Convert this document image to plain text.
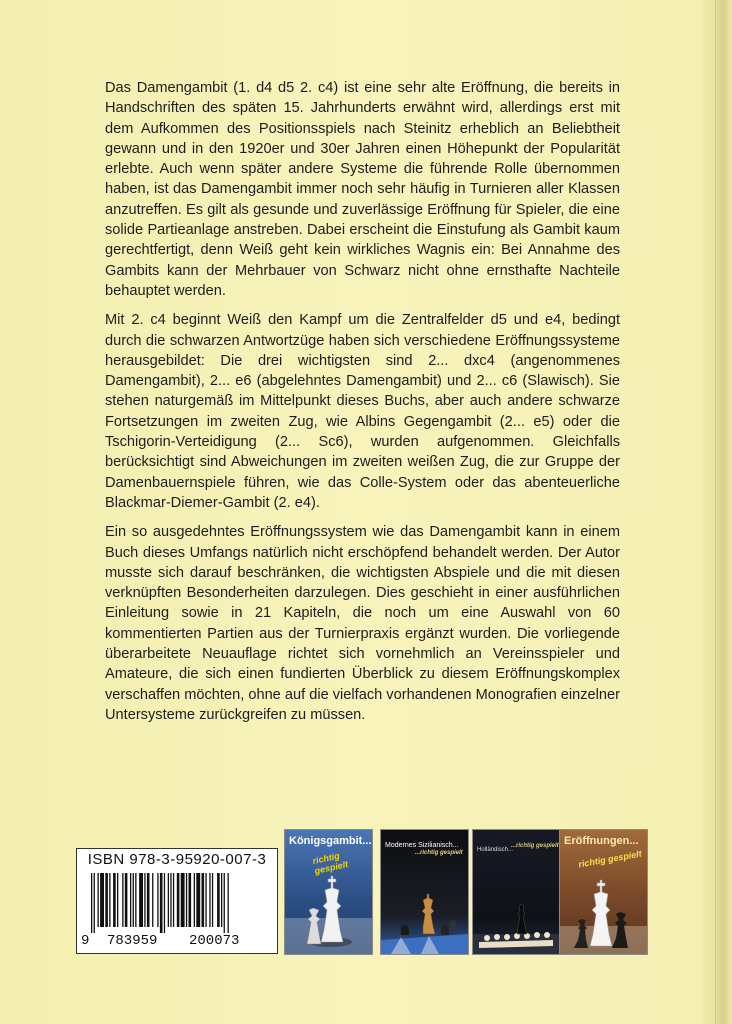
Das Damengambit (1. d4 d5 2. c4) ist eine sehr alte Eröffnung, die bereits in Handschriften des späten 15. Jahrhunderts erwähnt wird, allerdings erst mit dem Aufkommen des Positionsspiels nach Steinitz erheblich an Beliebtheit gewann und in den 1920er und 30er Jahren einen Höhepunkt der Popularität erlebte. Auch wenn später andere Systeme die führende Rolle übernommen haben, ist das Damengambit immer noch sehr häufig in Turnieren aller Klassen anzutreffen. Es gilt als gesunde und zuverlässige Eröffnung für Spieler, die eine solide Partieanlage anstreben. Dabei erscheint die Einstufung als Gambit kaum gerechtfertigt, denn Weiß geht kein wirkliches Wagnis ein: Bei Annahme des Gambits kann der Mehrbauer von Schwarz nicht ohne ernsthafte Nachteile behauptet werden.

Mit 2. c4 beginnt Weiß den Kampf um die Zentralfelder d5 und e4, bedingt durch die schwarzen Antwortzüge haben sich verschiedene Eröffnungssysteme herausgebildet: Die drei wichtigsten sind 2... dxc4 (angenommenes Damengambit), 2... e6 (abgelehntes Damengambit) und 2... c6 (Slawisch). Sie stehen naturgemäß im Mittelpunkt dieses Buchs, aber auch andere schwarze Fortsetzungen im zweiten Zug, wie Albins Gegengambit (2... e5) oder die Tschigorin-Verteidigung (2... Sc6), wurden aufgenommen. Gleichfalls berücksichtigt sind Abweichungen im zweiten weißen Zug, die zur Gruppe der Damenbauernspiele führen, wie das Colle-System oder das abenteuerliche Blackmar-Diemer-Gambit (2. e4).

Ein so ausgedehntes Eröffnungssystem wie das Damengambit kann in einem Buch dieses Umfangs natürlich nicht erschöpfend behandelt werden. Der Autor musste sich darauf beschränken, die wichtigsten Abspiele und die mit diesen verknüpften Besonderheiten darzulegen. Dies geschieht in einer ausführlichen Einleitung sowie in 21 Kapiteln, die noch um eine Auswahl von 60 kommentierten Partien aus der Turnierpraxis ergänzt wurden. Die vorliegende überarbeitete Neuauflage richtet sich vornehmlich an Vereinsspieler und Amateure, die sich einen fundierten Überblick zu diesem Eröffnungskomplex verschaffen möchten, ohne auf die vielfach vorhandenen Monografien einzelner Untersysteme zurückgreifen zu müssen.

ISBN 978-3-95920-007-3
9 783959 200073
Königsgambit...
richtig gespielt

Modernes Sizilianisch...
...richtig gespielt
Holländisch...
...richtig gespielt
Eröffnungen...
richtig gespielt
